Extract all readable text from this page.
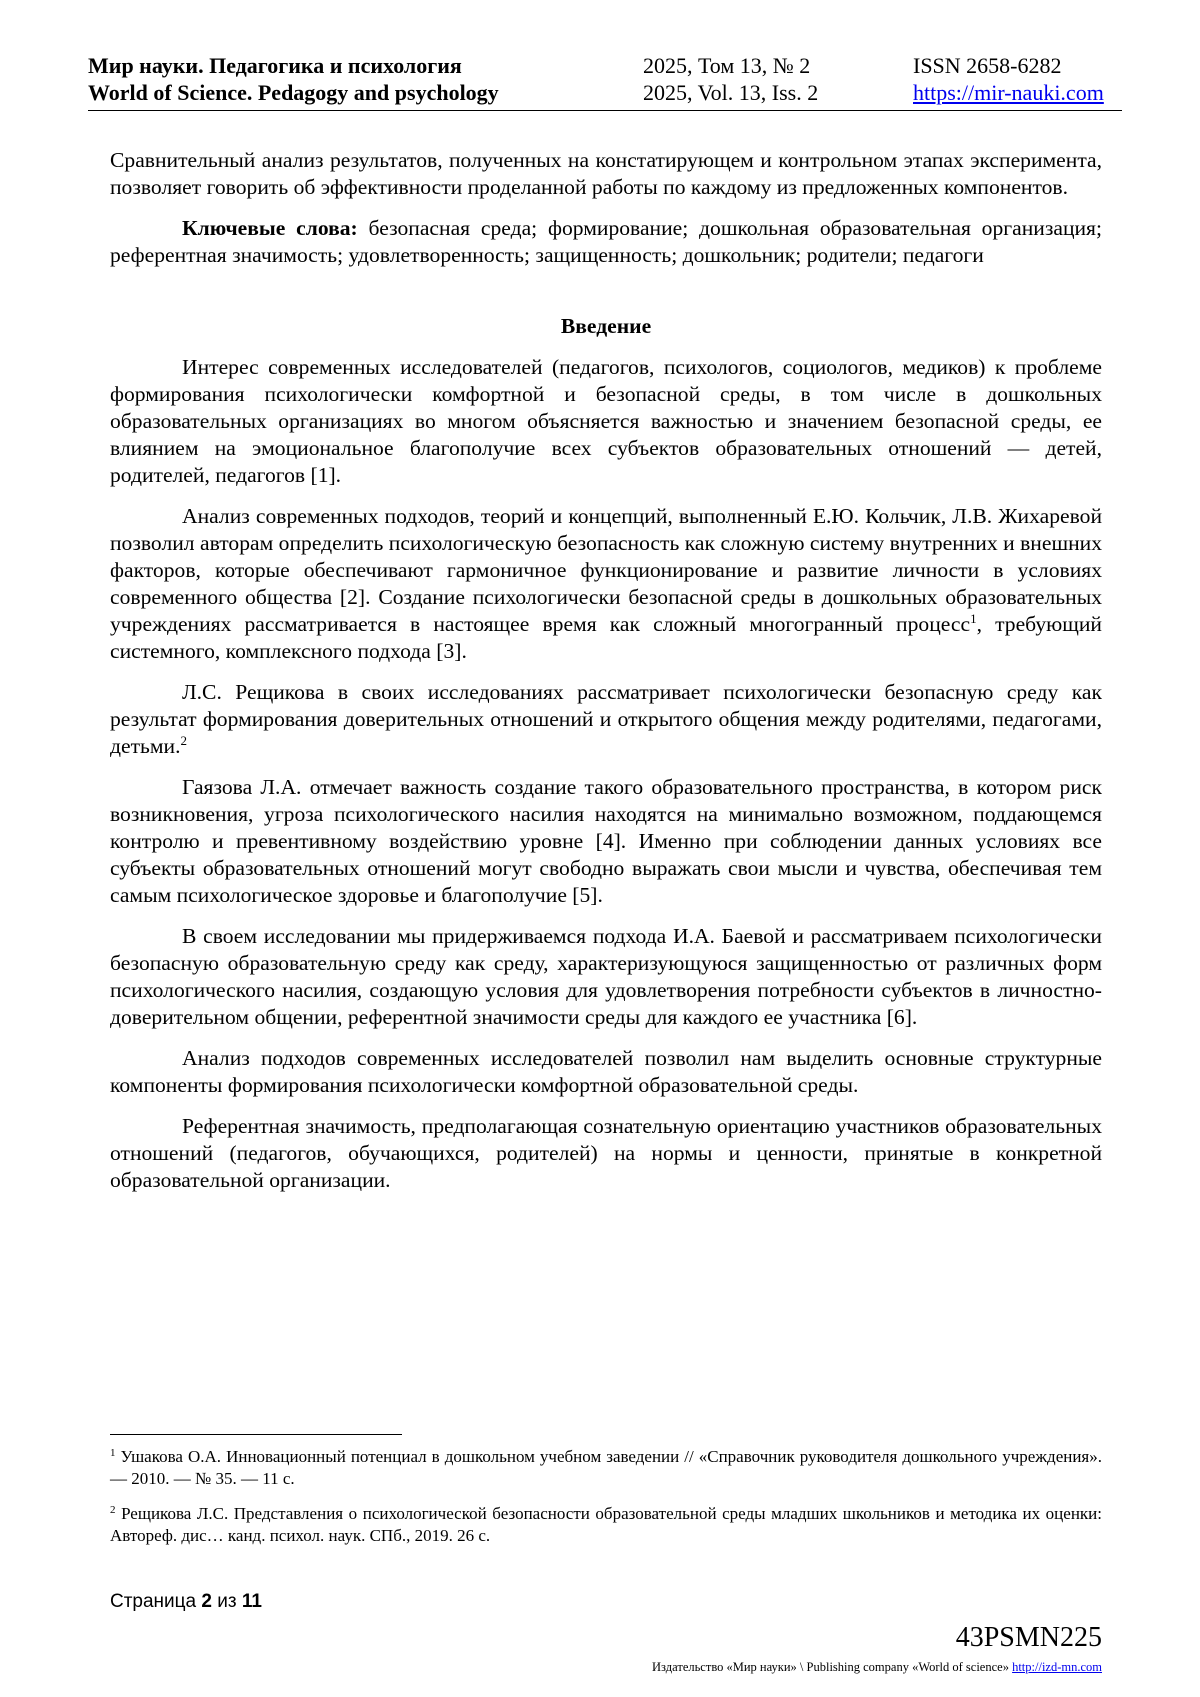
Мир науки. Педагогика и психология	2025, Том 13, № 2	ISSN 2658-6282
World of Science. Pedagogy and psychology	2025, Vol. 13, Iss. 2	https://mir-nauki.com

Сравнительный анализ результатов, полученных на констатирующем и контрольном этапах эксперимента, позволяет говорить об эффективности проделанной работы по каждому из предложенных компонентов.

Ключевые слова: безопасная среда; формирование; дошкольная образовательная организация; референтная значимость; удовлетворенность; защищенность; дошкольник; родители; педагоги

Введение

Интерес современных исследователей (педагогов, психологов, социологов, медиков) к проблеме формирования психологически комфортной и безопасной среды, в том числе в дошкольных образовательных организациях во многом объясняется важностью и значением безопасной среды, ее влиянием на эмоциональное благополучие всех субъектов образовательных отношений — детей, родителей, педагогов [1].

Анализ современных подходов, теорий и концепций, выполненный Е.Ю. Кольчик, Л.В. Жихаревой позволил авторам определить психологическую безопасность как сложную систему внутренних и внешних факторов, которые обеспечивают гармоничное функционирование и развитие личности в условиях современного общества [2]. Создание психологически безопасной среды в дошкольных образовательных учреждениях рассматривается в настоящее время как сложный многогранный процесс$^1$, требующий системного, комплексного подхода [3].

Л.С. Рещикова в своих исследованиях рассматривает психологически безопасную среду как результат формирования доверительных отношений и открытого общения между родителями, педагогами, детьми.$^2$

Гаязова Л.А. отмечает важность создание такого образовательного пространства, в котором риск возникновения, угроза психологического насилия находятся на минимально возможном, поддающемся контролю и превентивному воздействию уровне [4]. Именно при соблюдении данных условиях все субъекты образовательных отношений могут свободно выражать свои мысли и чувства, обеспечивая тем самым психологическое здоровье и благополучие [5].

В своем исследовании мы придерживаемся подхода И.А. Баевой и рассматриваем психологически безопасную образовательную среду как среду, характеризующуюся защищенностью от различных форм психологического насилия, создающую условия для удовлетворения потребности субъектов в личностно-доверительном общении, референтной значимости среды для каждого ее участника [6].

Анализ подходов современных исследователей позволил нам выделить основные структурные компоненты формирования психологически комфортной образовательной среды.

Референтная значимость, предполагающая сознательную ориентацию участников образовательных отношений (педагогов, обучающихся, родителей) на нормы и ценности, принятые в конкретной образовательной организации.

$^1$ Ушакова О.А. Инновационный потенциал в дошкольном учебном заведении // «Справочник руководителя дошкольного учреждения». — 2010. — № 35. — 11 с.

$^2$ Рещикова Л.С. Представления о психологической безопасности образовательной среды младших школьников и методика их оценки: Автореф. дис… канд. психол. наук. СПб., 2019. 26 с.

Страница 2 из 11
43PSMN225
Издательство «Мир науки» \ Publishing company «World of science» http://izd-mn.com
